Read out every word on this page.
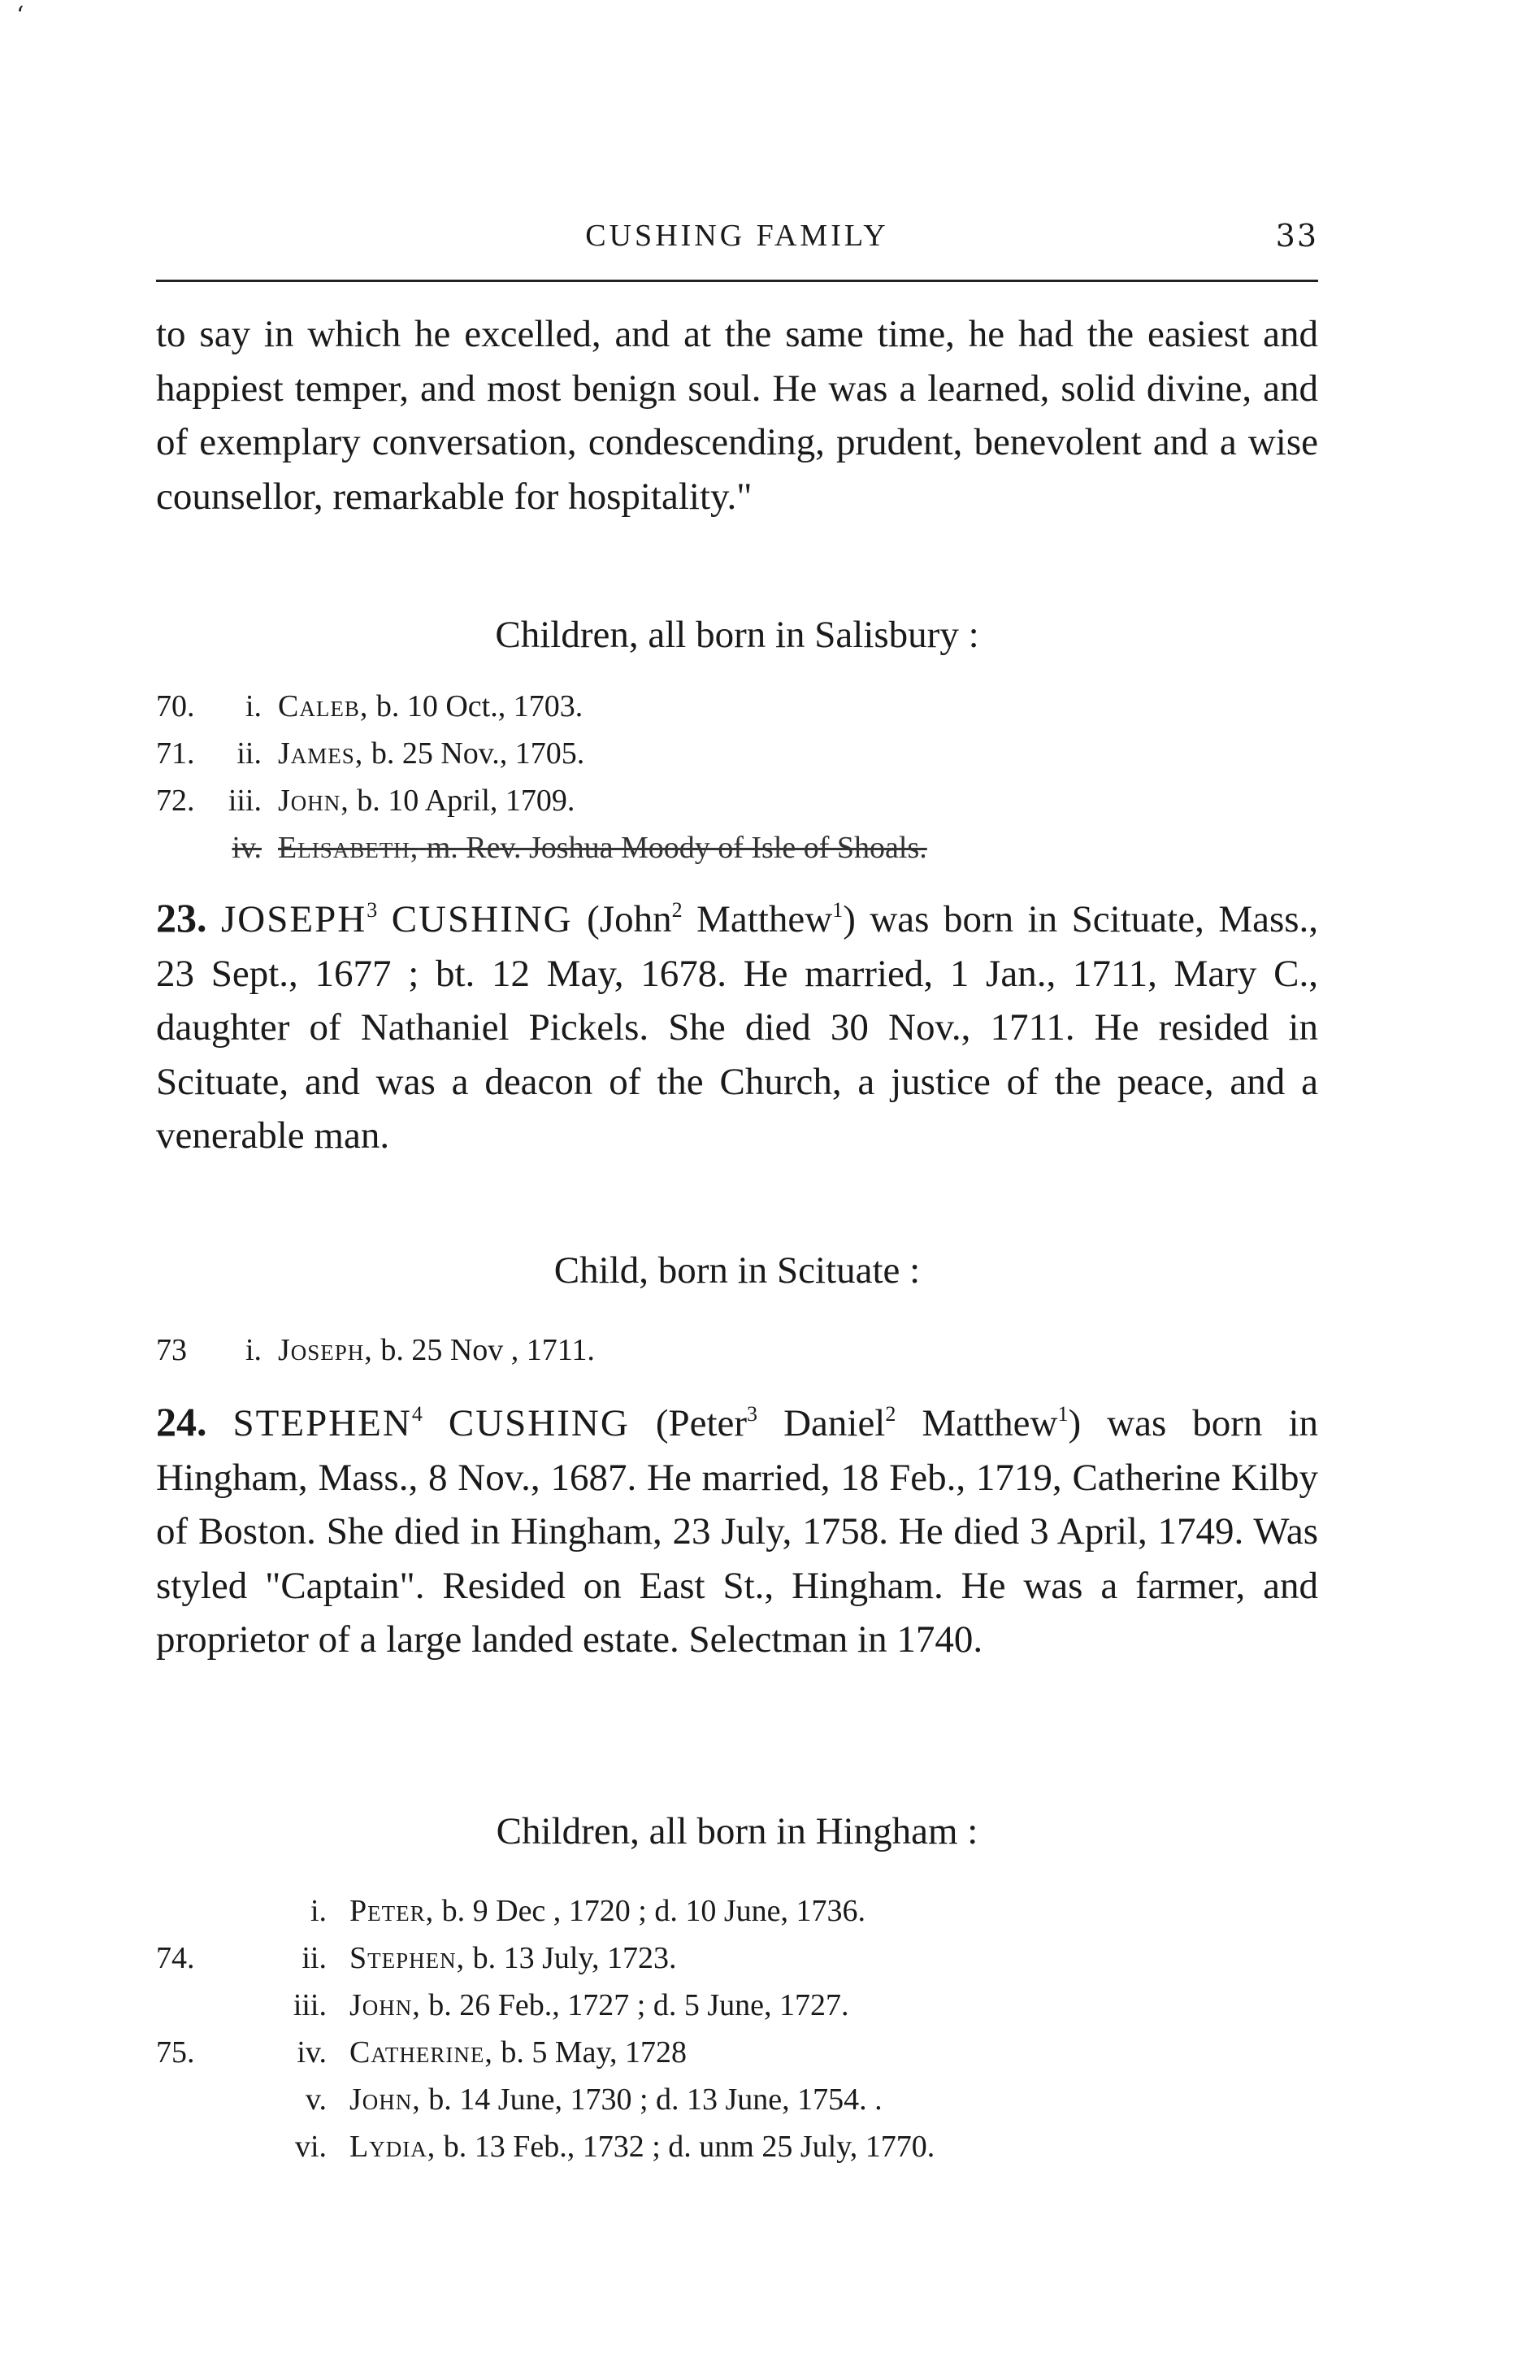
‘
CUSHING FAMILY	33

to say in which he excelled, and at the same time, he had the easiest and happiest temper, and most benign soul. He was a learned, solid divine, and of exemplary conversation, condescending, prudent, benevolent and a wise counsellor, remarkable for hospitality."

Children, all born in Salisbury :
70.	i. Caleb, b. 10 Oct., 1703.
71.	ii. James, b. 25 Nov., 1705.
72.	iii. John, b. 10 April, 1709.
iv. Elisabeth, m. Rev. Joshua Moody of Isle of Shoals.

23. JOSEPH$^3$ CUSHING (John$^2$ Matthew$^1$) was born in Scituate, Mass., 23 Sept., 1677 ; bt. 12 May, 1678. He married, 1 Jan., 1711, Mary C., daughter of Nathaniel Pickels. She died 30 Nov., 1711. He resided in Scituate, and was a deacon of the Church, a justice of the peace, and a venerable man.

Child, born in Scituate :
73	i. Joseph, b. 25 Nov , 1711.

24. STEPHEN$^4$ CUSHING (Peter$^3$ Daniel$^2$ Matthew$^1$) was born in Hingham, Mass., 8 Nov., 1687. He married, 18 Feb., 1719, Catherine Kilby of Boston. She died in Hingham, 23 July, 1758. He died 3 April, 1749. Was styled "Captain". Resided on East St., Hingham. He was a farmer, and proprietor of a large landed estate. Selectman in 1740.

Children, all born in Hingham :
i. Peter, b. 9 Dec , 1720 ; d. 10 June, 1736.
74.	ii. Stephen, b. 13 July, 1723.
iii. John, b. 26 Feb., 1727 ; d. 5 June, 1727.
75.	iv. Catherine, b. 5 May, 1728
v. John, b. 14 June, 1730 ; d. 13 June, 1754. .
vi. Lydia, b. 13 Feb., 1732 ; d. unm 25 July, 1770.
